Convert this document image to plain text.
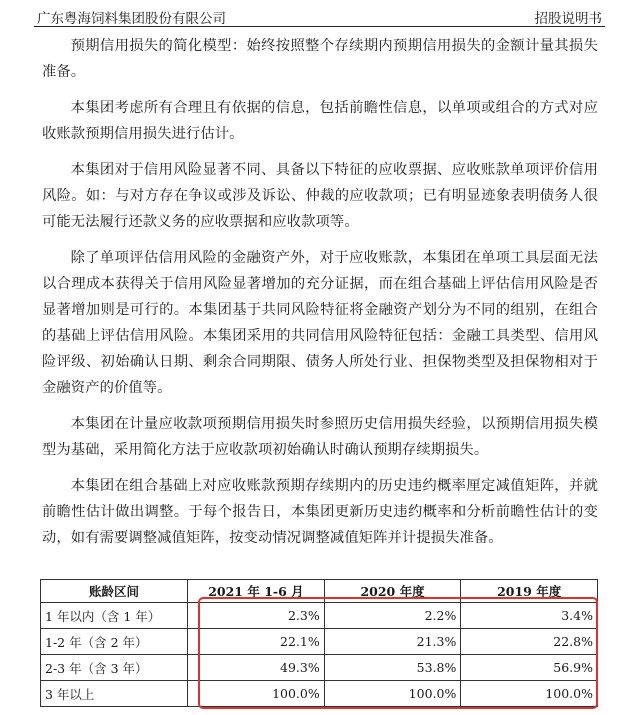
广东粤海饲料集团股份有限公司	招股说明书

预期信用损失的简化模型：始终按照整个存续期内预期信用损失的金额计量其损失准备。

本集团考虑所有合理且有依据的信息，包括前瞻性信息，以单项或组合的方式对应收账款预期信用损失进行估计。

本集团对于信用风险显著不同、具备以下特征的应收票据、应收账款单项评价信用风险。如：与对方存在争议或涉及诉讼、仲裁的应收款项；已有明显迹象表明债务人很可能无法履行还款义务的应收票据和应收款项等。

除了单项评估信用风险的金融资产外，对于应收账款，本集团在单项工具层面无法以合理成本获得关于信用风险显著增加的充分证据，而在组合基础上评估信用风险是否显著增加则是可行的。本集团基于共同风险特征将金融资产划分为不同的组别，在组合的基础上评估信用风险。本集团采用的共同信用风险特征包括：金融工具类型、信用风险评级、初始确认日期、剩余合同期限、债务人所处行业、担保物类型及担保物相对于金融资产的价值等。

本集团在计量应收款项预期信用损失时参照历史信用损失经验，以预期信用损失模型为基础，采用简化方法于应收款项初始确认时确认预期存续期损失。

本集团在组合基础上对应收账款预期存续期内的历史违约概率厘定减值矩阵，并就前瞻性估计做出调整。于每个报告日，本集团更新历史违约概率和分析前瞻性估计的变动，如有需要调整减值矩阵，按变动情况调整减值矩阵并计提损失准备。

账龄区间	2021 年 1-6 月	2020 年度	2019 年度
1 年以内（含 1 年）	2.3%	2.2%	3.4%
1-2 年（含 2 年）	22.1%	21.3%	22.8%
2-3 年（含 3 年）	49.3%	53.8%	56.9%
3 年以上	100.0%	100.0%	100.0%
